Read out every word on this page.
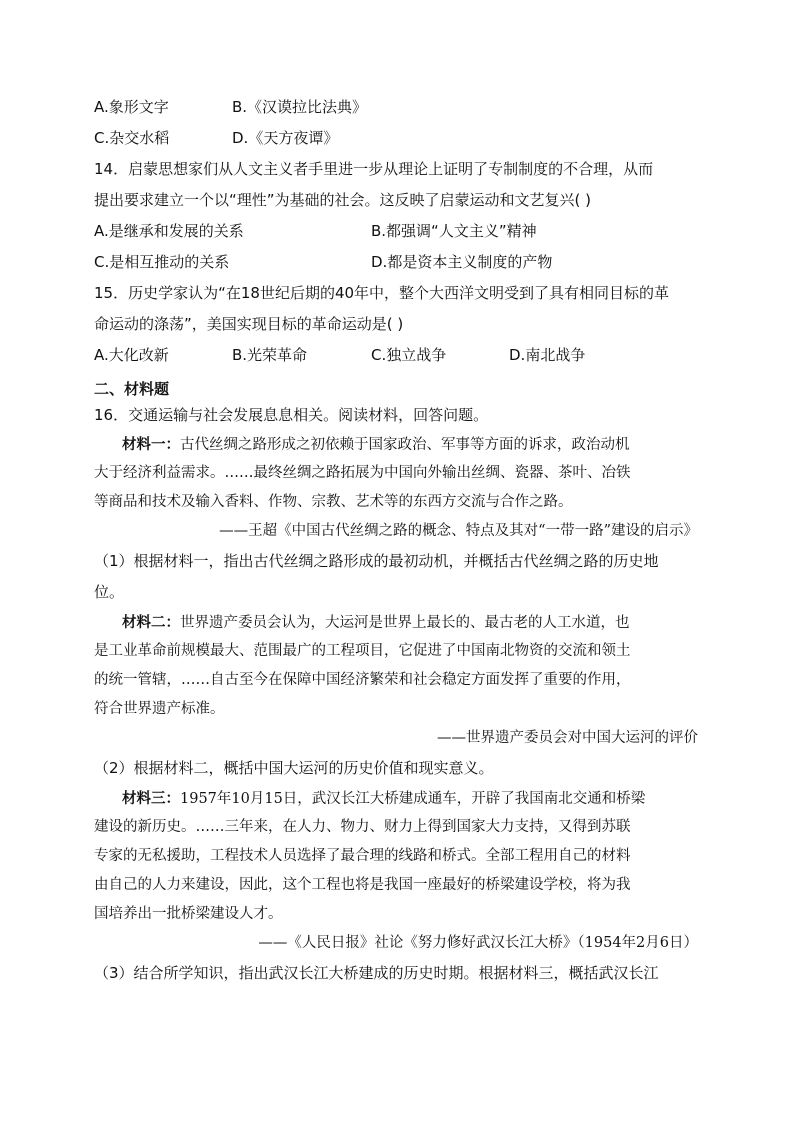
A.象形文字	B.《汉谟拉比法典》
C.杂交水稻	D.《天方夜谭》
14．启蒙思想家们从人文主义者手里进一步从理论上证明了专制制度的不合理，从而
提出要求建立一个以“理性”为基础的社会。这反映了启蒙运动和文艺复兴( )
A.是继承和发展的关系	B.都强调“人文主义”精神
C.是相互推动的关系	D.都是资本主义制度的产物
15．历史学家认为“在18世纪后期的40年中，整个大西洋文明受到了具有相同目标的革
命运动的涤荡”，美国实现目标的革命运动是( )
A.大化改新	B.光荣革命	C.独立战争	D.南北战争
二、材料题
16．交通运输与社会发展息息相关。阅读材料，回答问题。
材料一：古代丝绸之路形成之初依赖于国家政治、军事等方面的诉求，政治动机
大于经济利益需求。……最终丝绸之路拓展为中国向外输出丝绸、瓷器、茶叶、冶铁
等商品和技术及输入香料、作物、宗教、艺术等的东西方交流与合作之路。
——王超《中国古代丝绸之路的概念、特点及其对“一带一路”建设的启示》
（1）根据材料一，指出古代丝绸之路形成的最初动机，并概括古代丝绸之路的历史地
位。
材料二：世界遗产委员会认为，大运河是世界上最长的、最古老的人工水道，也
是工业革命前规模最大、范围最广的工程项目，它促进了中国南北物资的交流和领土
的统一管辖，……自古至今在保障中国经济繁荣和社会稳定方面发挥了重要的作用，
符合世界遗产标准。
——世界遗产委员会对中国大运河的评价
（2）根据材料二，概括中国大运河的历史价值和现实意义。
材料三：1957年10月15日，武汉长江大桥建成通车，开辟了我国南北交通和桥梁
建设的新历史。……三年来，在人力、物力、财力上得到国家大力支持，又得到苏联
专家的无私援助，工程技术人员选择了最合理的线路和桥式。全部工程用自己的材料
由自己的人力来建设，因此，这个工程也将是我国一座最好的桥梁建设学校，将为我
国培养出一批桥梁建设人才。
——《人民日报》社论《努力修好武汉长江大桥》（1954年2月6日）
（3）结合所学知识，指出武汉长江大桥建成的历史时期。根据材料三，概括武汉长江
